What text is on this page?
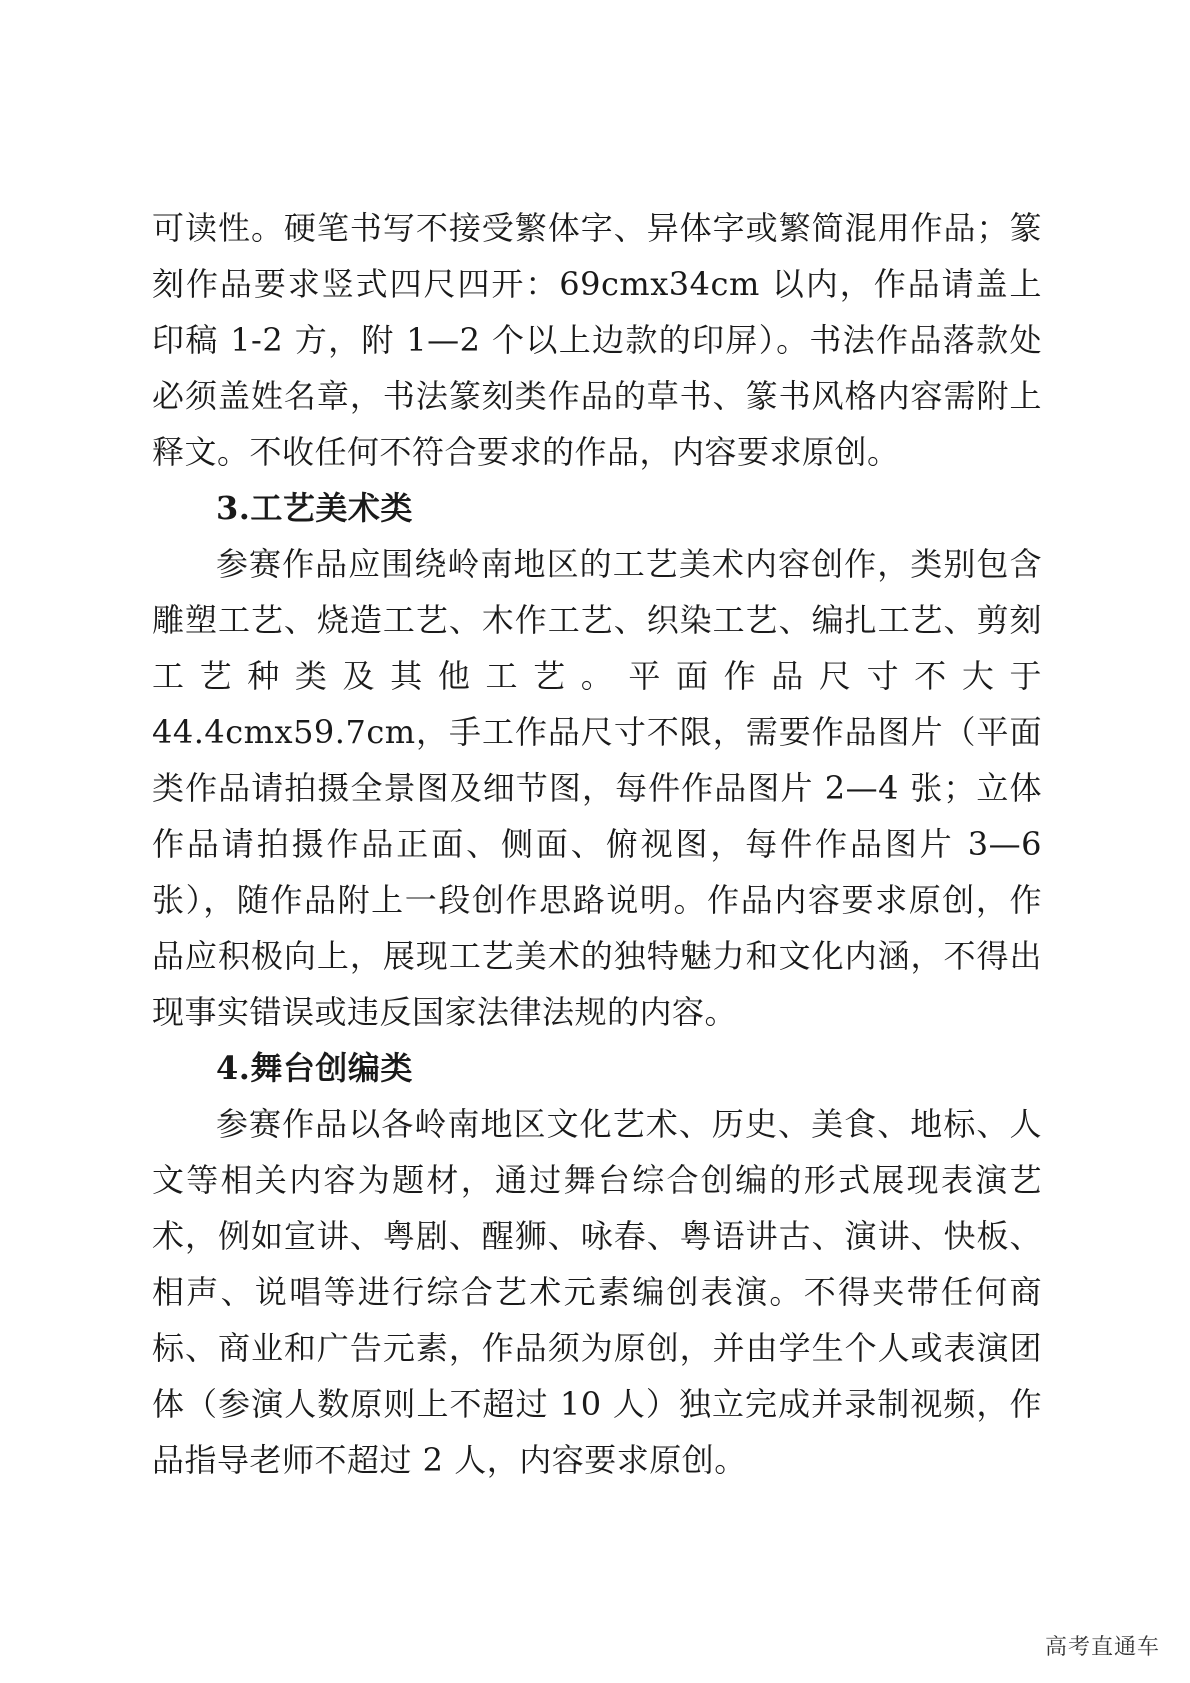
可读性。硬笔书写不接受繁体字、异体字或繁简混用作品；篆刻作品要求竖式四尺四开：69cmx34cm 以内，作品请盖上印稿 1-2 方，附 1—2 个以上边款的印屏）。书法作品落款处必须盖姓名章，书法篆刻类作品的草书、篆书风格内容需附上释文。不收任何不符合要求的作品，内容要求原创。

3.工艺美术类

参赛作品应围绕岭南地区的工艺美术内容创作，类别包含雕塑工艺、烧造工艺、木作工艺、织染工艺、编扎工艺、剪刻工艺种类及其他工艺。平面作品尺寸不大于 44.4cmx59.7cm，手工作品尺寸不限，需要作品图片（平面类作品请拍摄全景图及细节图，每件作品图片 2—4 张；立体作品请拍摄作品正面、侧面、俯视图，每件作品图片 3—6 张），随作品附上一段创作思路说明。作品内容要求原创，作品应积极向上，展现工艺美术的独特魅力和文化内涵，不得出现事实错误或违反国家法律法规的内容。

4.舞台创编类

参赛作品以各岭南地区文化艺术、历史、美食、地标、人文等相关内容为题材，通过舞台综合创编的形式展现表演艺术，例如宣讲、粤剧、醒狮、咏春、粤语讲古、演讲、快板、相声、说唱等进行综合艺术元素编创表演。不得夹带任何商标、商业和广告元素，作品须为原创，并由学生个人或表演团体（参演人数原则上不超过 10 人）独立完成并录制视频，作品指导老师不超过 2 人，内容要求原创。

高考直通车
